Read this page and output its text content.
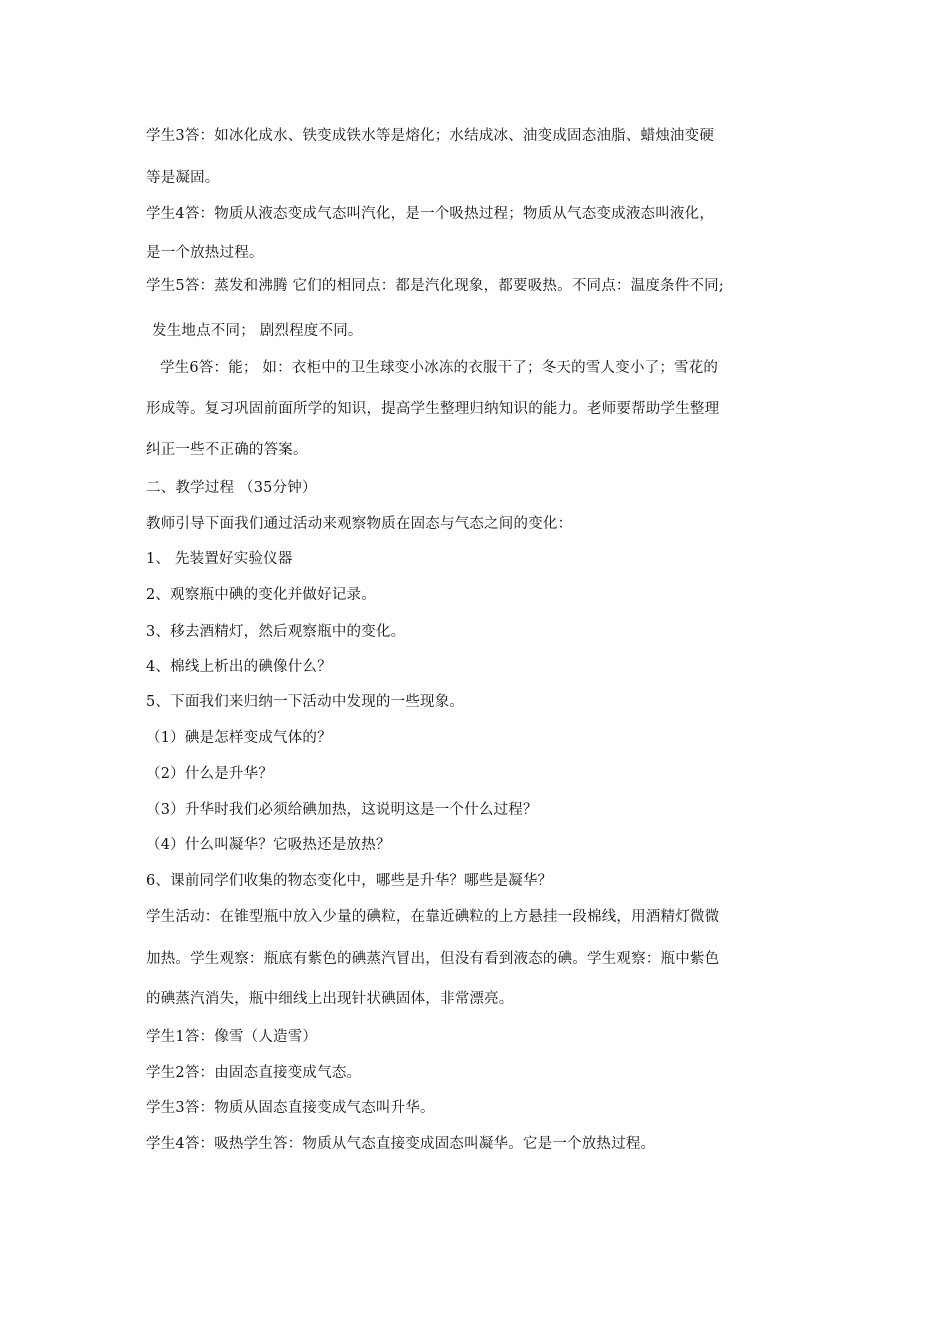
学生3答：如冰化成水、铁变成铁水等是熔化；水结成冰、油变成固态油脂、蜡烛油变硬
等是凝固。
学生4答：物质从液态变成气态叫汽化，是一个吸热过程；物质从气态变成液态叫液化，
是一个放热过程。
学生5答：蒸发和沸腾 它们的相同点：都是汽化现象，都要吸热。不同点：温度条件不同;
发生地点不同； 剧烈程度不同。
学生6答：能； 如：衣柜中的卫生球变小冰冻的衣服干了；冬天的雪人变小了；雪花的
形成等。复习巩固前面所学的知识，提高学生整理归纳知识的能力。老师要帮助学生整理
纠正一些不正确的答案。
二、教学过程 （35分钟）
教师引导下面我们通过活动来观察物质在固态与气态之间的变化：
1、 先装置好实验仪器
2、观察瓶中碘的变化并做好记录。
3、移去酒精灯，然后观察瓶中的变化。
4、棉线上析出的碘像什么？
5、下面我们来归纳一下活动中发现的一些现象。
（1）碘是怎样变成气体的？
（2）什么是升华？
（3）升华时我们必须给碘加热，这说明这是一个什么过程？
（4）什么叫凝华？它吸热还是放热？
6、课前同学们收集的物态变化中，哪些是升华？哪些是凝华？
学生活动：在锥型瓶中放入少量的碘粒，在靠近碘粒的上方悬挂一段棉线，用酒精灯微微
加热。学生观察：瓶底有紫色的碘蒸汽冒出，但没有看到液态的碘。学生观察：瓶中紫色
的碘蒸汽消失，瓶中细线上出现针状碘固体，非常漂亮。
学生1答：像雪（人造雪）
学生2答：由固态直接变成气态。
学生3答：物质从固态直接变成气态叫升华。
学生4答：吸热学生答：物质从气态直接变成固态叫凝华。它是一个放热过程。
